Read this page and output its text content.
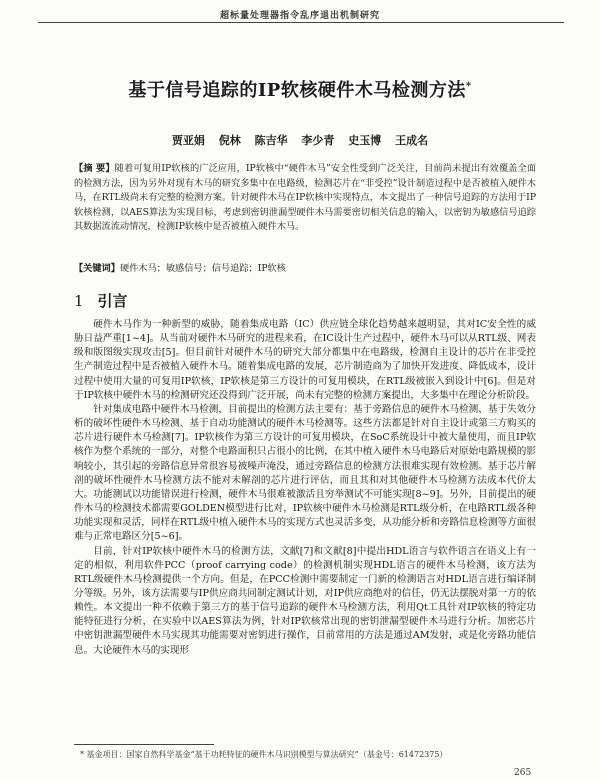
超标量处理器指令乱序退出机制研究
基于信号追踪的IP软核硬件木马检测方法*
贾亚娟 倪林 陈吉华 李少青 史玉博 王成名
【摘 要】随着可复用IP软核的广泛应用，IP软核中“硬件木马”安全性受到广泛关注，目前尚未提出有效覆盖全面的检测方法，因为另外对现有木马的研究多集中在电路级，检测芯片在“非受控”设计制造过程中是否被植入硬件木马，在RTL级尚未有完整的检测方案。针对硬件木马在IP软核中实现特点，本文提出了一种信号追踪的方法用于IP软核检测，以AES算法为实现目标，考虑到密钥泄漏型硬件木马需要密切相关信息的输入，以密钥为敏感信号追踪其数据流流动情况，检测IP软核中是否被植入硬件木马。
【关键词】硬件木马；敏感信号；信号追踪；IP软核
1 引言

硬件木马作为一种新型的威胁，随着集成电路（IC）供应链全球化趋势越来越明显，其对IC安全性的威胁日益严重[1~4]。从当前对硬件木马研究的进程来看，在IC设计生产过程中，硬件木马可以从RTL级、网表级和版图级实现攻击[5]。但目前针对硬件木马的研究大部分都集中在电路级，检测自主设计的芯片在非受控生产制造过程中是否被植入硬件木马。随着集成电路的发展，芯片制造商为了加快开发进度、降低成本，设计过程中使用大量的可复用IP软核，IP软核是第三方设计的可复用模块，在RTL级被嵌入到设计中[6]。但是对于IP软核中硬件木马的检测研究还没得到广泛开展，尚未有完整的检测方案提出，大多集中在理论分析阶段。

针对集成电路中硬件木马检测，目前提出的检测方法主要有：基于旁路信息的硬件木马检测、基于失效分析的破坏性硬件木马检测、基于自动功能测试的硬件木马检测等。这些方法都是针对自主设计或第三方购买的芯片进行硬件木马检测[7]。IP软核作为第三方设计的可复用模块，在SoC系统设计中被大量使用，而且IP软核作为整个系统的一部分，对整个电路面积只占很小的比例，在其中植入硬件木马电路后对原始电路规模的影响较小，其引起的旁路信息异常很容易被噪声淹没，通过旁路信息的检测方法很难实现有效检测。基于芯片解剖的破坏性硬件木马检测方法不能对未解剖的芯片进行评估，而且其和对其他硬件木马检测方法成本代价太大。功能测试以功能错误进行检测，硬件木马很难被激活且穷举测试不可能实现[8~9]。另外，目前提出的硬件木马的检测技术都需要GOLDEN模型进行比对，IP软核中硬件木马检测是RTL级分析，在电路RTL级各种功能实现和灵活，同样在RTL级中植入硬件木马的实现方式也灵活多变，从功能分析和旁路信息检测等方面很难与正常电路区分[5~6]。

目前，针对IP软核中硬件木马的检测方法，文献[7]和文献[8]中提出HDL语言与软件语言在语义上有一定的相似，利用软件PCC（proof carrying code）的检测机制实现HDL语言的硬件木马检测，该方法为RTL级硬件木马检测提供一个方向。但是，在PCC检测中需要制定一门新的检测语言对HDL语言进行编译制分等级。另外，该方法需要与IP供应商共同制定测试计划，对IP供应商绝对的信任，仍无法摆脱对第一方的依赖性。本文提出一种不依赖于第三方的基于信号追踪的硬件木马检测方法，利用Qt工具针对IP软核的特定功能特征进行分析，在实验中以AES算法为例，针对IP软核常出现的密钥泄漏型硬件木马进行分析。加密芯片中密钥泄漏型硬件木马实现其功能需要对密钥进行操作，目前常用的方法是通过AM发射，或是化旁路功能信息。大论硬件木马的实现形

* 基金项目：国家自然科学基金“基于功耗特征的硬件木马识别模型与算法研究”（基金号：61472375）
265
